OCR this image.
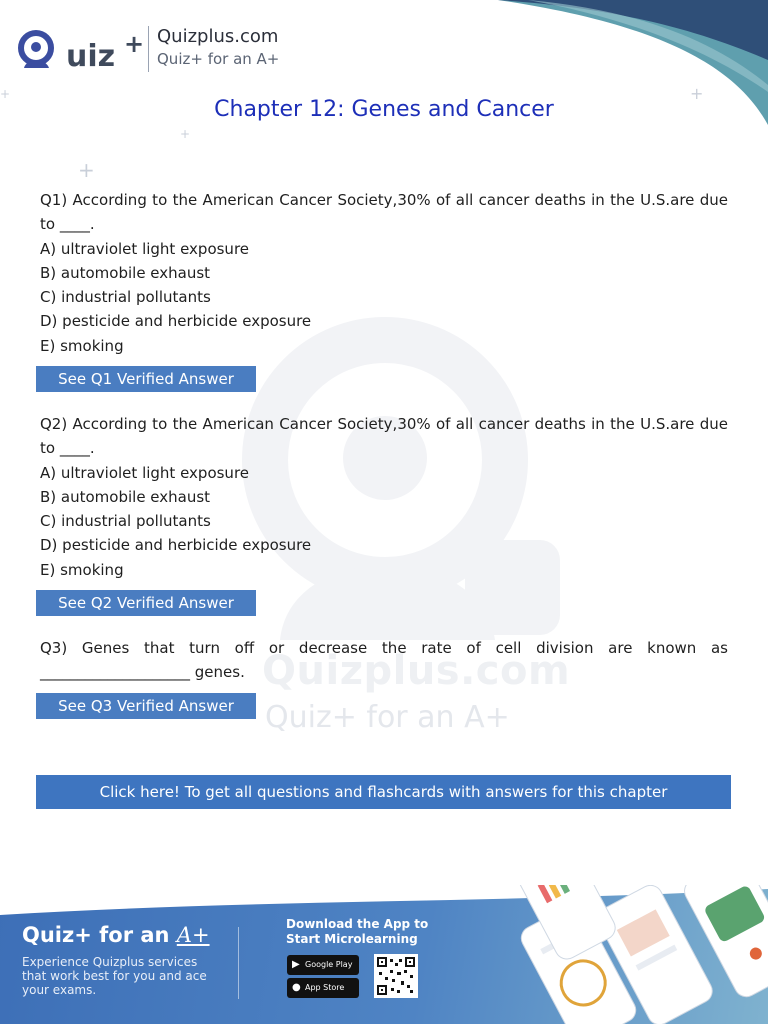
uiz + Quizplus.com
Quiz+ for an A+
+
+
+
+
Chapter 12: Genes and Cancer
Quizplus.com
Quiz+ for an A+
Q1) According to the American Cancer Society,30% of all cancer deaths in the U.S.are due to ____.
A) ultraviolet light exposure
B) automobile exhaust
C) industrial pollutants
D) pesticide and herbicide exposure
E) smoking
See Q1 Verified Answer
Q2) According to the American Cancer Society,30% of all cancer deaths in the U.S.are due to ____.
A) ultraviolet light exposure
B) automobile exhaust
C) industrial pollutants
D) pesticide and herbicide exposure
E) smoking
See Q2 Verified Answer
Q3) Genes that turn off or decrease the rate of cell division are known as ____________________ genes.
See Q3 Verified Answer
Click here! To get all questions and flashcards with answers for this chapter
Quiz+ for an A+
Experience Quizplus services that work best for you and ace your exams.
Download the App to Start Microlearning
▶ Google Play
● App Store
